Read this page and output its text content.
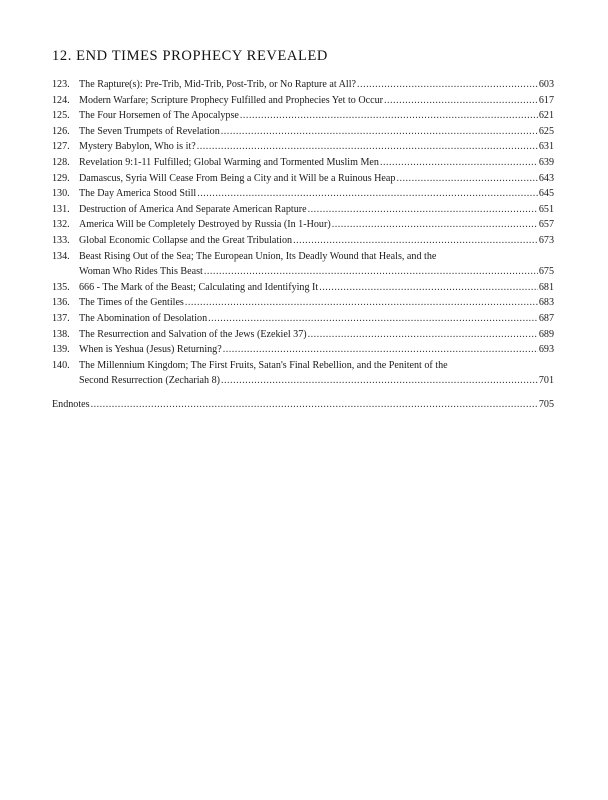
12. END TIMES PROPHECY REVEALED
123. The Rapture(s): Pre-Trib, Mid-Trib, Post-Trib, or No Rapture at All? .....	603
124. Modern Warfare; Scripture Prophecy Fulfilled and Prophecies Yet to Occur .....	617
125. The Four Horsemen of The Apocalypse .....	621
126. The Seven Trumpets of Revelation .....	625
127. Mystery Babylon, Who is it? .....	631
128. Revelation 9:1-11 Fulfilled; Global Warming and Tormented Muslim Men .....	639
129. Damascus, Syria Will Cease From Being a City and it Will be a Ruinous Heap .....	643
130. The Day America Stood Still .....	645
131. Destruction of America And Separate American Rapture .....	651
132. America Will be Completely Destroyed by Russia (In 1-Hour) .....	657
133. Global Economic Collapse and the Great Tribulation .....	673
134. Beast Rising Out of the Sea; The European Union, Its Deadly Wound that Heals, and the
Woman Who Rides This Beast .....	675
135. 666 - The Mark of the Beast; Calculating and Identifying It .....	681
136. The Times of the Gentiles .....	683
137. The Abomination of Desolation .....	687
138. The Resurrection and Salvation of the Jews (Ezekiel 37) .....	689
139. When is Yeshua (Jesus) Returning? .....	693
140. The Millennium Kingdom; The First Fruits, Satan's Final Rebellion, and the Penitent of the
Second Resurrection (Zechariah 8) .....	701
Endnotes .....	705
